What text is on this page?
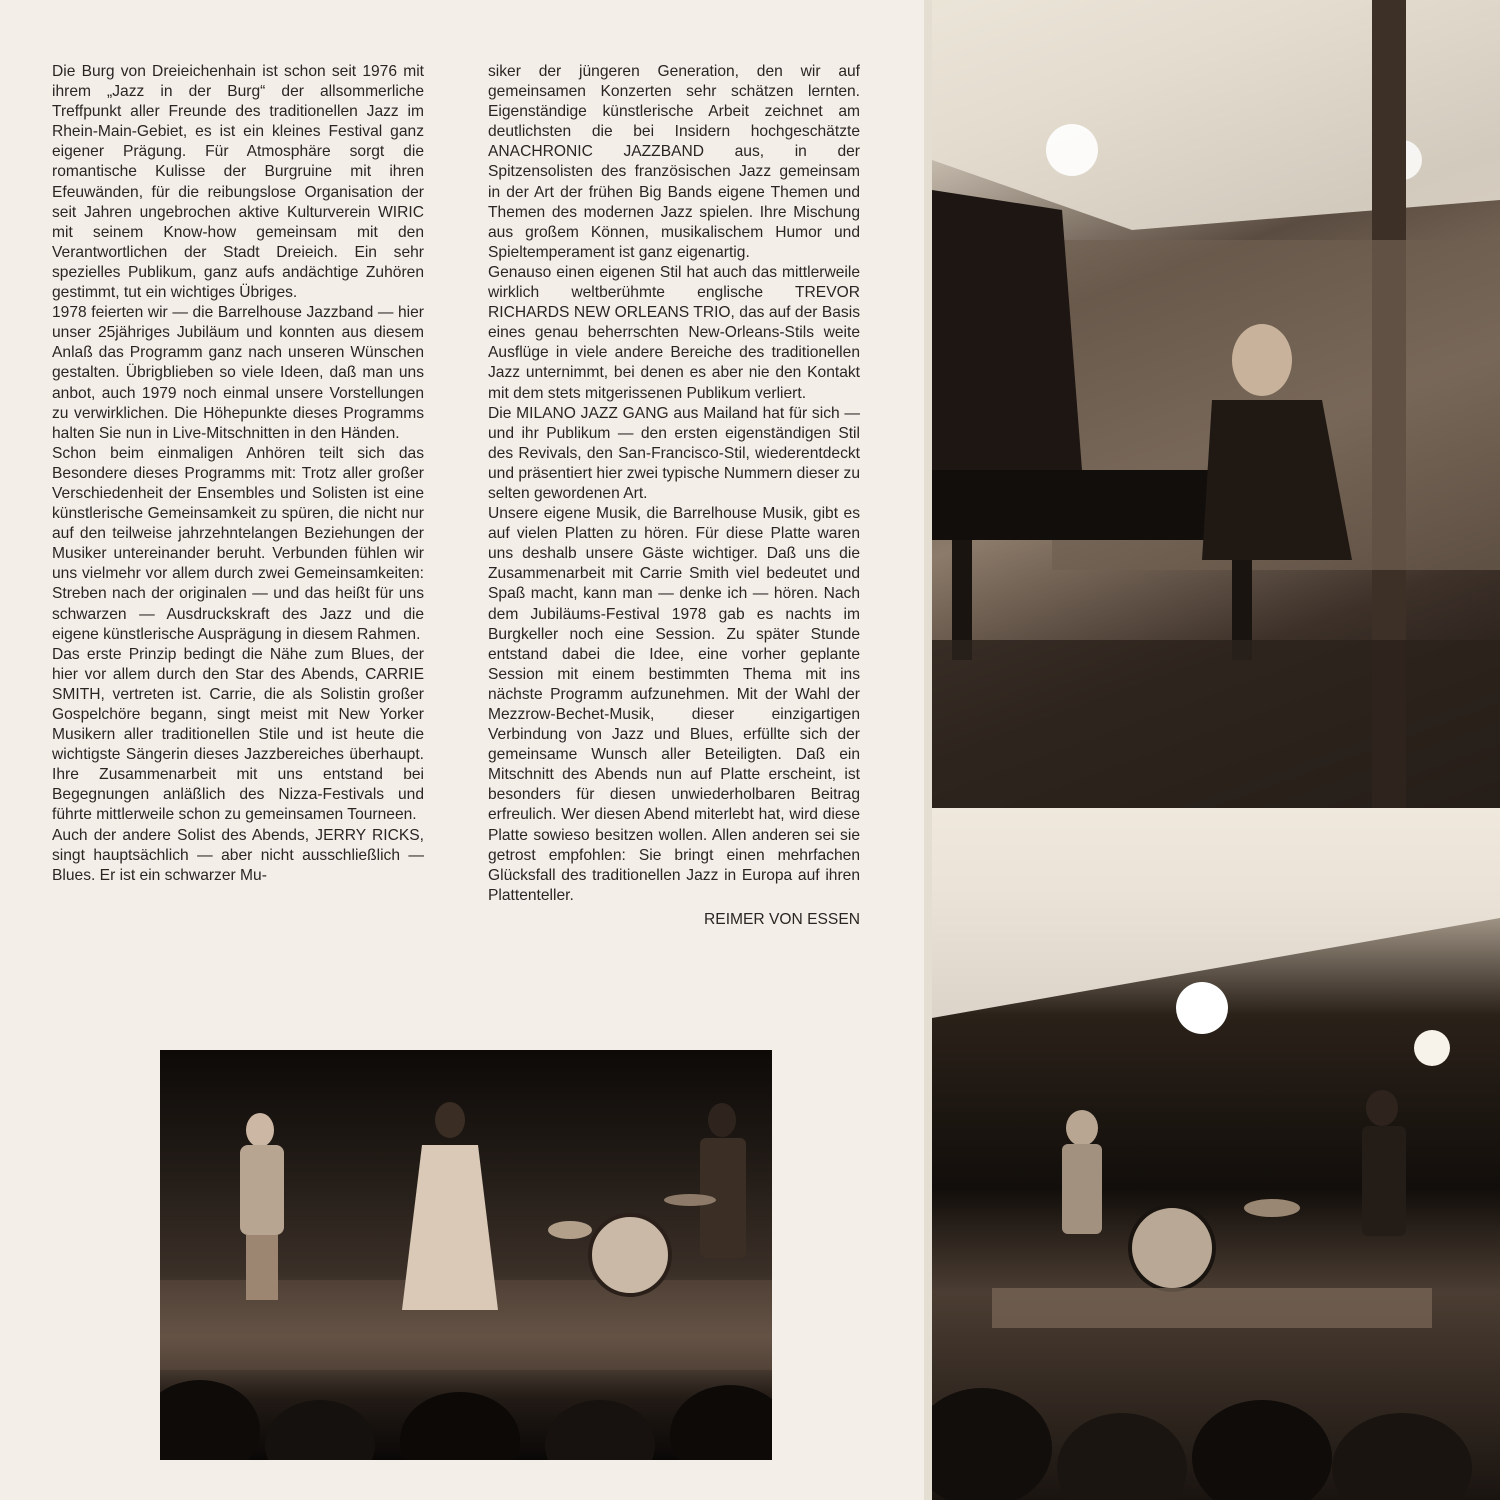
Die Burg von Dreieichenhain ist schon seit 1976 mit ihrem „Jazz in der Burg“ der allsommerliche Treffpunkt aller Freunde des traditionellen Jazz im Rhein-Main-Gebiet, es ist ein kleines Festival ganz eigener Prägung. Für Atmosphäre sorgt die romantische Kulisse der Burgruine mit ihren Efeuwänden, für die reibungslose Organisation der seit Jahren ungebrochen aktive Kulturverein WIRIC mit seinem Know-how gemeinsam mit den Verantwortlichen der Stadt Dreieich. Ein sehr spezielles Publikum, ganz aufs andächtige Zuhören gestimmt, tut ein wichtiges Übriges.

1978 feierten wir — die Barrelhouse Jazzband — hier unser 25jähriges Jubiläum und konnten aus diesem Anlaß das Programm ganz nach unseren Wünschen gestalten. Übrigblieben so viele Ideen, daß man uns anbot, auch 1979 noch einmal unsere Vorstellungen zu verwirklichen. Die Höhepunkte dieses Programms halten Sie nun in Live-Mitschnitten in den Händen.

Schon beim einmaligen Anhören teilt sich das Besondere dieses Programms mit: Trotz aller großer Verschiedenheit der Ensembles und Solisten ist eine künstlerische Gemeinsamkeit zu spüren, die nicht nur auf den teilweise jahrzehntelangen Beziehungen der Musiker untereinander beruht. Verbunden fühlen wir uns vielmehr vor allem durch zwei Gemeinsamkeiten: Streben nach der originalen — und das heißt für uns schwarzen — Ausdruckskraft des Jazz und die eigene künstlerische Ausprägung in diesem Rahmen.

Das erste Prinzip bedingt die Nähe zum Blues, der hier vor allem durch den Star des Abends, CARRIE SMITH, vertreten ist. Carrie, die als Solistin großer Gospelchöre begann, singt meist mit New Yorker Musikern aller traditionellen Stile und ist heute die wichtigste Sängerin dieses Jazzbereiches überhaupt. Ihre Zusammenarbeit mit uns entstand bei Begegnungen anläßlich des Nizza-Festivals und führte mittlerweile schon zu gemeinsamen Tourneen.

Auch der andere Solist des Abends, JERRY RICKS, singt hauptsächlich — aber nicht ausschließlich — Blues. Er ist ein schwarzer Mu-

siker der jüngeren Generation, den wir auf gemeinsamen Konzerten sehr schätzen lernten. Eigenständige künstlerische Arbeit zeichnet am deutlichsten die bei Insidern hochgeschätzte ANACHRONIC JAZZBAND aus, in der Spitzensolisten des französischen Jazz gemeinsam in der Art der frühen Big Bands eigene Themen und Themen des modernen Jazz spielen. Ihre Mischung aus großem Können, musikalischem Humor und Spieltemperament ist ganz eigenartig.

Genauso einen eigenen Stil hat auch das mittlerweile wirklich weltberühmte englische TREVOR RICHARDS NEW ORLEANS TRIO, das auf der Basis eines genau beherrschten New-Orleans-Stils weite Ausflüge in viele andere Bereiche des traditionellen Jazz unternimmt, bei denen es aber nie den Kontakt mit dem stets mitgerissenen Publikum verliert.

Die MILANO JAZZ GANG aus Mailand hat für sich — und ihr Publikum — den ersten eigenständigen Stil des Revivals, den San-Francisco-Stil, wiederentdeckt und präsentiert hier zwei typische Nummern dieser zu selten gewordenen Art.

Unsere eigene Musik, die Barrelhouse Musik, gibt es auf vielen Platten zu hören. Für diese Platte waren uns deshalb unsere Gäste wichtiger. Daß uns die Zusammenarbeit mit Carrie Smith viel bedeutet und Spaß macht, kann man — denke ich — hören. Nach dem Jubiläums-Festival 1978 gab es nachts im Burgkeller noch eine Session. Zu später Stunde entstand dabei die Idee, eine vorher geplante Session mit einem bestimmten Thema mit ins nächste Programm aufzunehmen. Mit der Wahl der Mezzrow-Bechet-Musik, dieser einzigartigen Verbindung von Jazz und Blues, erfüllte sich der gemeinsame Wunsch aller Beteiligten. Daß ein Mitschnitt des Abends nun auf Platte erscheint, ist besonders für diesen unwiederholbaren Beitrag erfreulich. Wer diesen Abend miterlebt hat, wird diese Platte sowieso besitzen wollen. Allen anderen sei sie getrost empfohlen: Sie bringt einen mehrfachen Glücksfall des traditionellen Jazz in Europa auf ihren Plattenteller.

REIMER VON ESSEN
